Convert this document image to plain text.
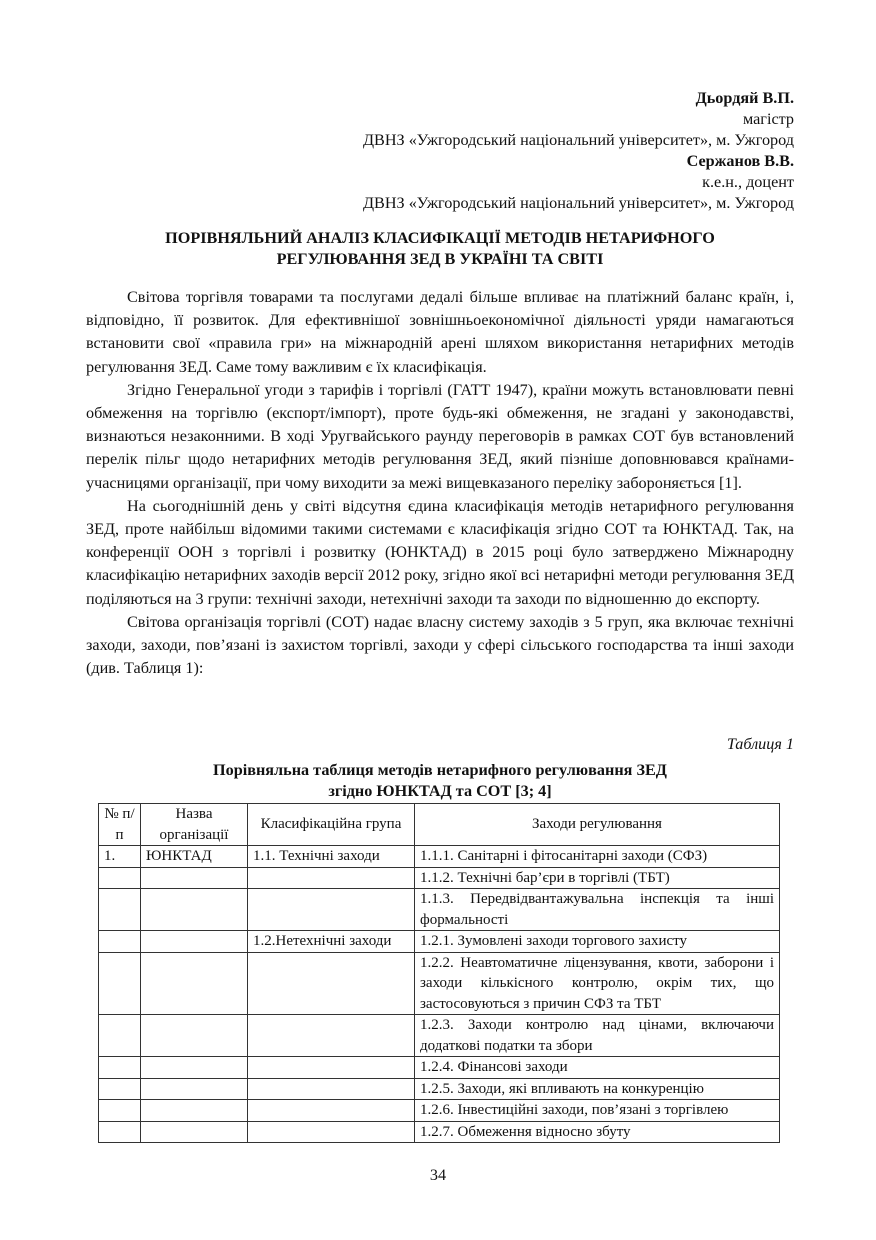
Дьордяй В.П.
магістр
ДВНЗ «Ужгородський національний університет», м. Ужгород
Сержанов В.В.
к.е.н., доцент
ДВНЗ «Ужгородський національний університет», м. Ужгород
ПОРІВНЯЛЬНИЙ АНАЛІЗ КЛАСИФІКАЦІЇ МЕТОДІВ НЕТАРИФНОГО
РЕГУЛЮВАННЯ ЗЕД В УКРАЇНІ ТА СВІТІ

Світова торгівля товарами та послугами дедалі більше впливає на платіжний баланс країн, і, відповідно, її розвиток. Для ефективнішої зовнішньоекономічної діяльності уряди намагаються встановити свої «правила гри» на міжнародній арені шляхом використання нетарифних методів регулювання ЗЕД. Саме тому важливим є їх класифікація.

Згідно Генеральної угоди з тарифів і торгівлі (ГАТТ 1947), країни можуть встановлювати певні обмеження на торгівлю (експорт/імпорт), проте будь-які обмеження, не згадані у законодавстві, визнаються незаконними. В ході Уругвайського раунду переговорів в рамках СОТ був встановлений перелік пільг щодо нетарифних методів регулювання ЗЕД, який пізніше доповнювався країнами-учасницями організації, при чому виходити за межі вищевказаного переліку забороняється [1].

На сьогоднішній день у світі відсутня єдина класифікація методів нетарифного регулювання ЗЕД, проте найбільш відомими такими системами є класифікація згідно СОТ та ЮНКТАД. Так, на конференції ООН з торгівлі і розвитку (ЮНКТАД) в 2015 році було затверджено Міжнародну класифікацію нетарифних заходів версії 2012 року, згідно якої всі нетарифні методи регулювання ЗЕД поділяються на 3 групи: технічні заходи, нетехнічні заходи та заходи по відношенню до експорту.

Світова організація торгівлі (СОТ) надає власну систему заходів з 5 груп, яка включає технічні заходи, заходи, пов’язані із захистом торгівлі, заходи у сфері сільського господарства та інші заходи (див. Таблиця 1):

Таблиця 1
Порівняльна таблиця методів нетарифного регулювання ЗЕД
згідно ЮНКТАД та СОТ [3; 4]
№ п/п	Назва організації	Класифікаційна група	Заходи регулювання
1.	ЮНКТАД	1.1. Технічні заходи	1.1.1. Санітарні і фітосанітарні заходи (СФЗ)
			1.1.2. Технічні бар’єри в торгівлі (ТБТ)
			1.1.3. Передвідвантажувальна інспекція та інші формальності
		1.2.Нетехнічні заходи	1.2.1. Зумовлені заходи торгового захисту
			1.2.2. Неавтоматичне ліцензування, квоти, заборони і заходи кількісного контролю, окрім тих, що застосовуються з причин СФЗ та ТБТ
			1.2.3. Заходи контролю над цінами, включаючи додаткові податки та збори
			1.2.4. Фінансові заходи
			1.2.5. Заходи, які впливають на конкуренцію
			1.2.6. Інвестиційні заходи, пов’язані з торгівлею
			1.2.7. Обмеження відносно збуту
34
